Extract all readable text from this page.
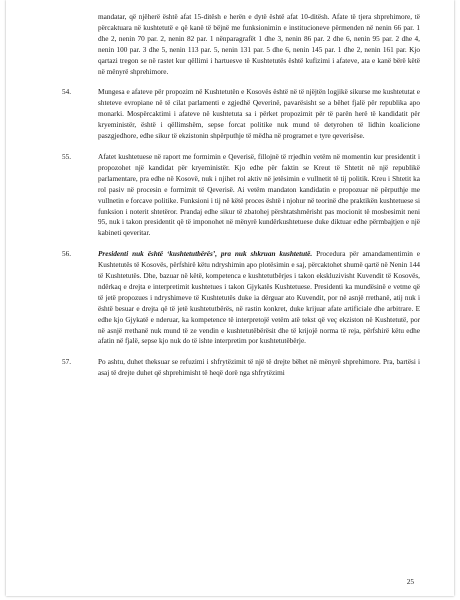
mandatar, që njëherë është afat 15-ditësh e herën e dytë është afat 10-ditësh. Afate të tjera shprehimore, të përcaktuara në kushtetutë e që kanë të bëjnë me funksionimin e institucioneve përmenden në nenin 66 par. 1 dhe 2, nenin 70 par. 2, nenin 82 par. 1 nënparagrafët 1 dhe 3, nenin 86 par. 2 dhe 6, nenin 95 par. 2 dhe 4, nenin 100 par. 3 dhe 5, nenin 113 par. 5, nenin 131 par. 5 dhe 6, nenin 145 par. 1 dhe 2, nenin 161 par. Kjo qartazi tregon se në rastet kur qëllimi i hartuesve të Kushtetutës është kufizimi i afateve, ata e kanë bërë këtë në mënyrë shprehimore.

54.	Mungesa e afateve për propozim në Kushtetutën e Kosovës është në të njëjtën logjikë sikurse me kushtetutat e shteteve evropiane në të cilat parlamenti e zgjedhë Qeverinë, pavarësisht se a bëhet fjalë për republika apo monarki. Mospërcaktimi i afateve në kushtetuta sa i përket propozimit për të parën herë të kandidatit për kryeministër, është i qëllimshëm, sepse forcat politike nuk mund të detyrohen të lidhin koalicione paszgjedhore, edhe sikur të ekzistonin shpërputhje të mëdha në programet e tyre qeverisëse.

55.	Afatet kushtetuese në raport me formimin e Qeverisë, fillojnë të rrjedhin vetëm në momentin kur presidentit i propozohet një kandidat për kryeministër. Kjo edhe për faktin se Kreut të Shtetit në një republikë parlamentare, pra edhe në Kosovë, nuk i njihet rol aktiv në jetësimin e vullnetit të tij politik. Kreu i Shtetit ka rol pasiv në procesin e formimit të Qeverisë. Ai vetëm mandaton kandidatin e propozuar në përputhje me vullnetin e forcave politike. Funksioni i tij në këtë proces është i njohur në teorinë dhe praktikën kushtetuese si funksion i noterit shtetëror. Prandaj edhe sikur të zbatohej përshtatshmërisht pas mocionit të mosbesimit neni 95, nuk i takon presidentit që të imponohet në mënyrë kundërkushtetuese duke diktuar edhe përmbajtjen e një kabineti qeveritar.

56.	Presidenti nuk është ‘kushtetutbërës’, pra nuk shkruan kushtetutë. Procedura për amandamentimin e Kushtetutës të Kosovës, përfshirë këtu ndryshimin apo plotësimin e saj, përcaktohet shumë qartë në Nenin 144 të Kushtetutës. Dhe, bazuar në këtë, kompetenca e kushtetutbërjes i takon ekskluzivisht Kuvendit të Kosovës, ndërkaq e drejta e interpretimit kushtetues i takon Gjykatës Kushtetuese. Presidenti ka mundësinë e vetme që të jetë propozues i ndryshimeve të Kushtetutës duke ia dërguar ato Kuvendit, por në asnjë rrethanë, atij nuk i është besuar e drejta që të jetë kushtetutbërës, në rastin konkret, duke krijuar afate artificiale dhe arbitrare. E edhe kjo Gjykatë e nderuar, ka kompetence të interpretojë vetëm atë tekst që veç ekziston në Kushtetutë, por në asnjë rrethanë nuk mund të ze vendin e kushtetutëbërësit dhe të krijojë norma të reja, përfshirë këtu edhe afatin në fjalë, sepse kjo nuk do të ishte interpretim por kushtetutëbërje.

57.	Po ashtu, duhet theksuar se refuzimi i shfrytëzimit të një të drejte bëhet në mënyrë shprehimore. Pra, bartësi i asaj të drejte duhet që shprehimisht të heqë dorë nga shfrytëzimi

25
